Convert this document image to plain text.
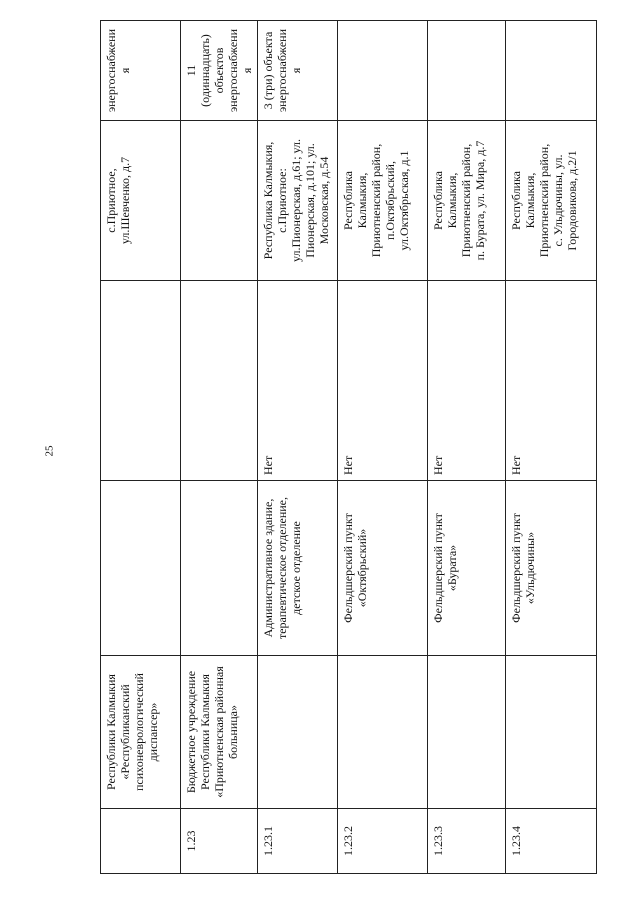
25
	Республики Калмыкия
«Республиканский
психоневрологический
диспансер»			с.Приютное,
ул.Шевченко, д.7	энергоснабжени
я
1.23	Бюджетное учреждение
Республики Калмыкия
«Приютненская районная
больница»				11
(одиннадцать)
объектов
энергоснабжени
я
1.23.1		Административное здание,
терапевтическое отделение,
детское отделение	Нет	Республика Калмыкия,
с.Приютное:
ул.Пионерская, д.61; ул.
Пионерская, д.101; ул.
Московская, д.54	3 (три) объекта
энергоснабжени
я
1.23.2		Фельдшерский пункт
«Октябрьский»	Нет	Республика
Калмыкия,
Приютненский район,
п.Октябрьский,
ул.Октябрьская, д.1	
1.23.3		Фельдшерский пункт
«Бурата»	Нет	Республика
Калмыкия,
Приютненский район,
п. Бурата, ул. Мира, д.7	
1.23.4		Фельдшерский пункт
«Ульдючины»	Нет	Республика
Калмыкия,
Приютненский район,
с. Ульдючины, ул.
Городовикова, д.2/1	
